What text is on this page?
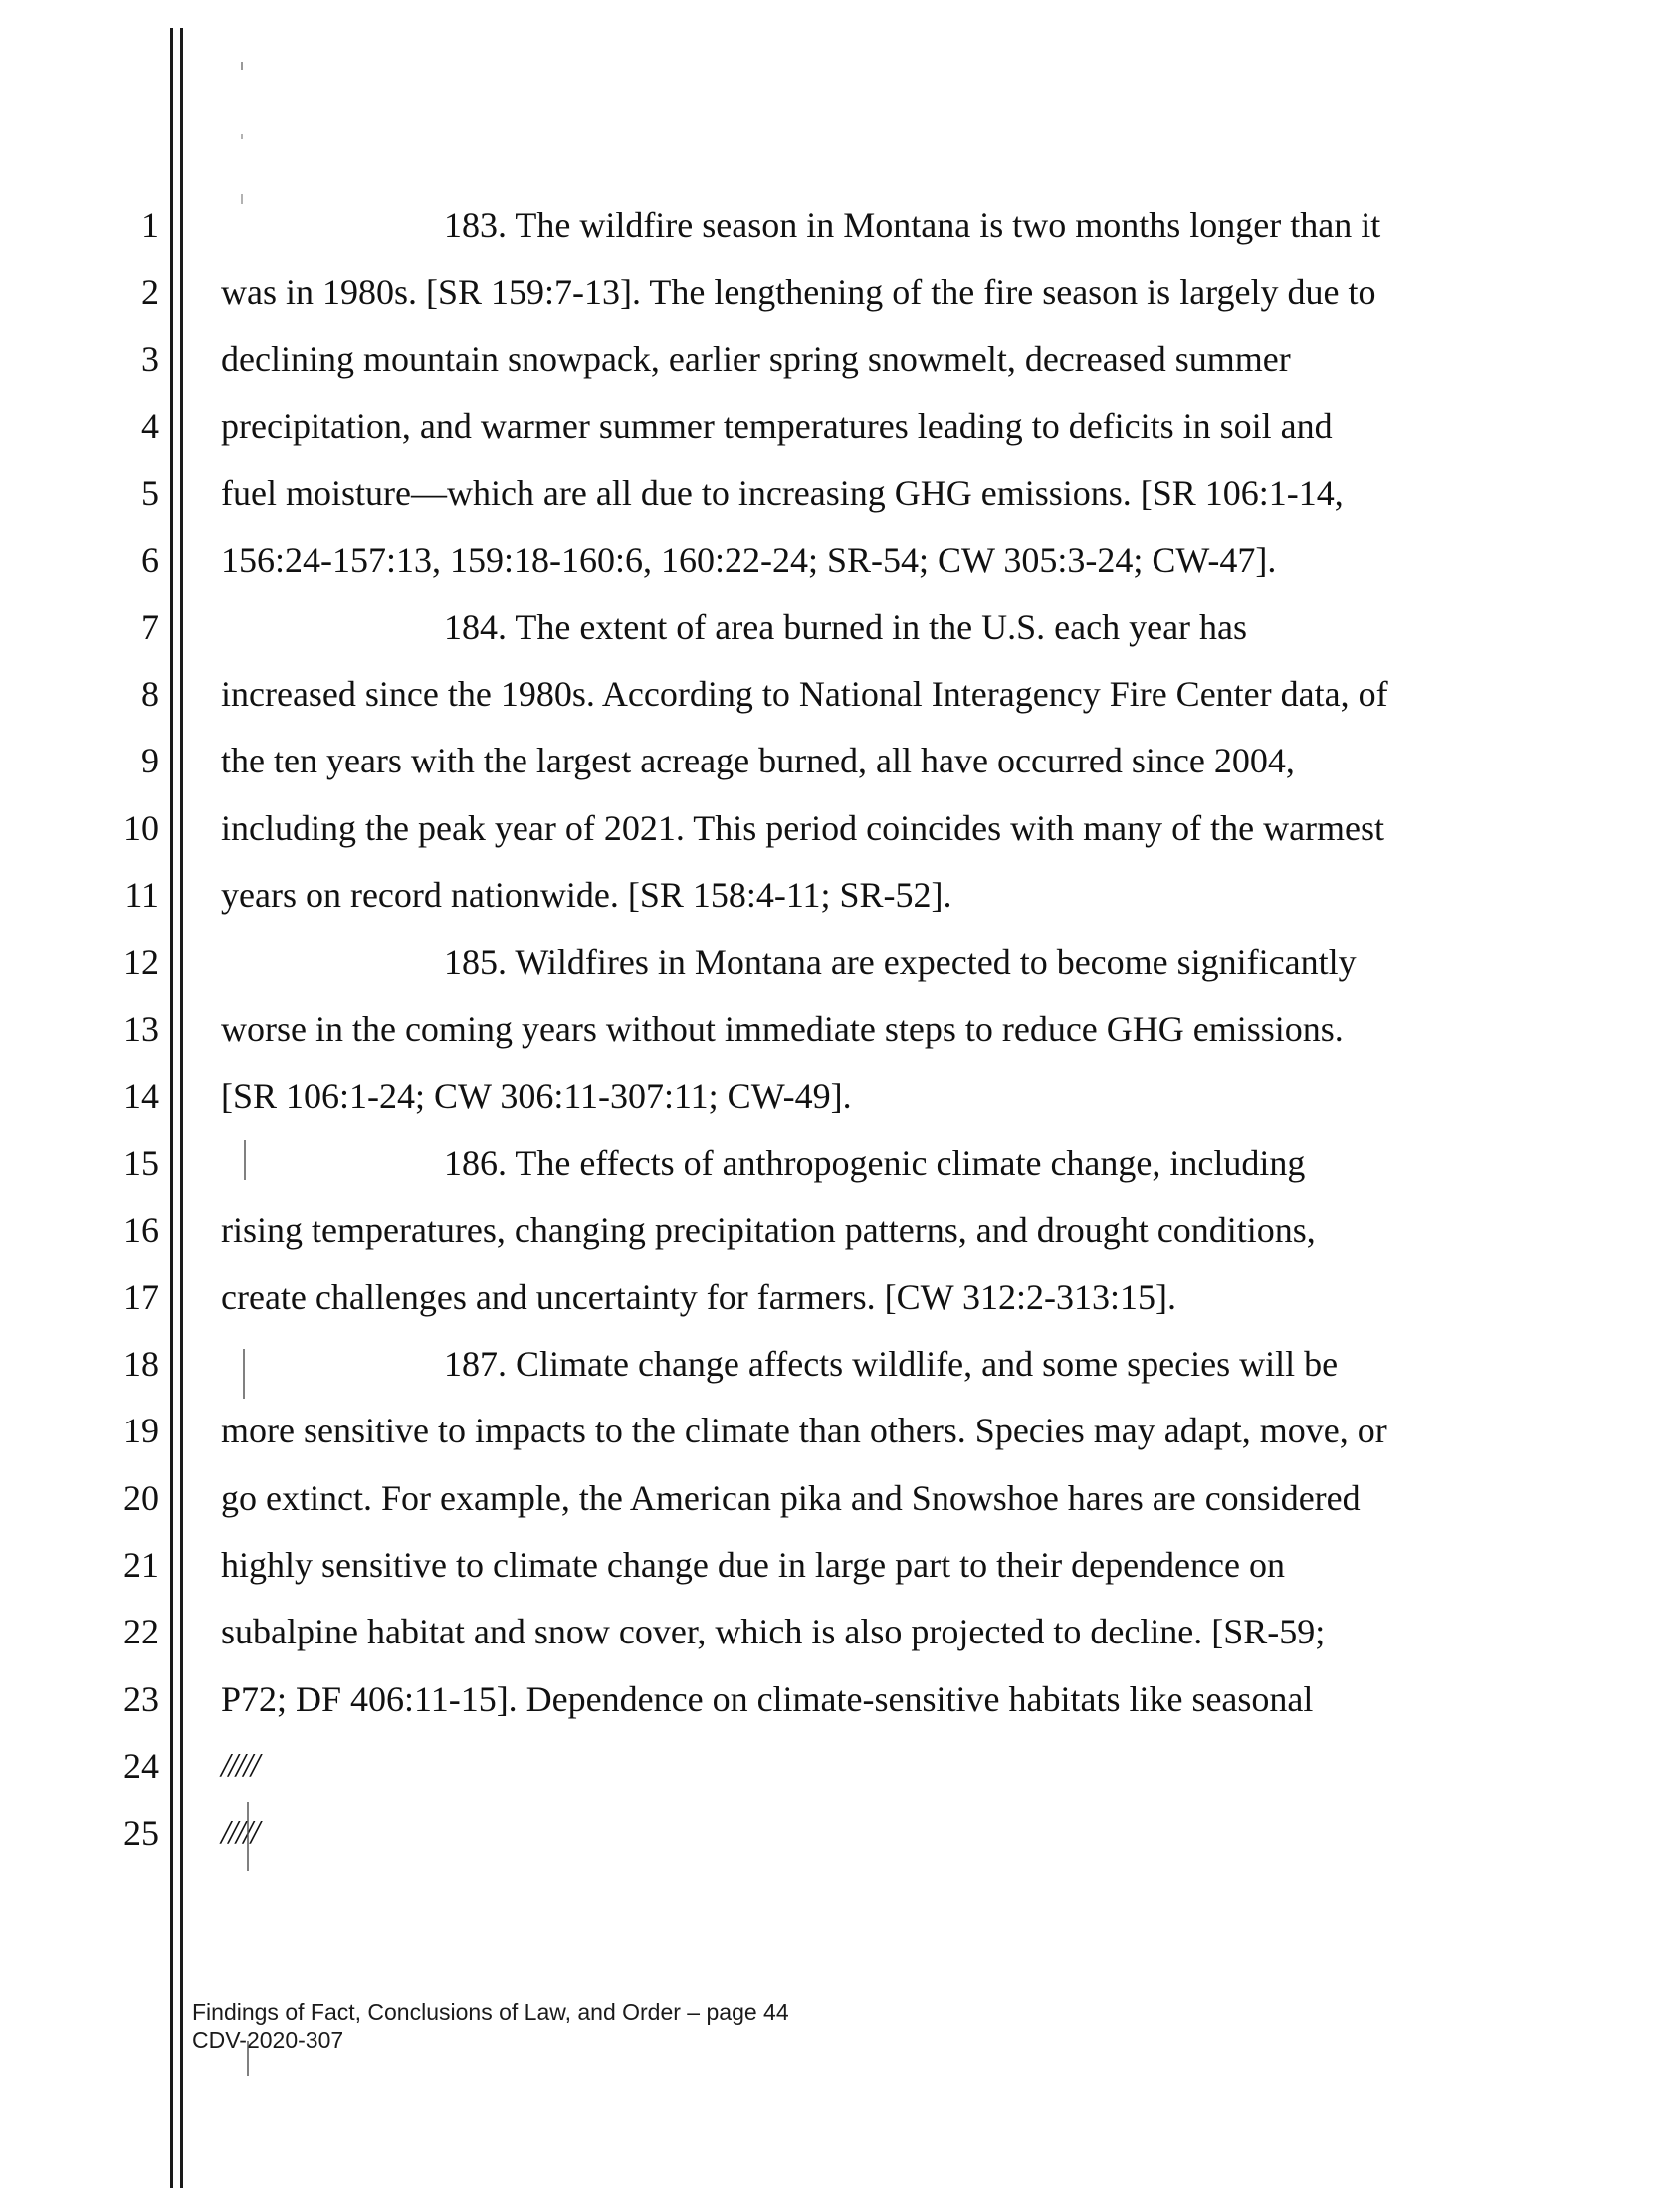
1
2
3
4
5
6
7
8
9
10
11
12
13
14
15
16
17
18
19
20
21
22
23
24
25
183. The wildfire season in Montana is two months longer than it
was in 1980s. [SR 159:7-13]. The lengthening of the fire season is largely due to
declining mountain snowpack, earlier spring snowmelt, decreased summer
precipitation, and warmer summer temperatures leading to deficits in soil and
fuel moisture—which are all due to increasing GHG emissions. [SR 106:1-14,
156:24-157:13, 159:18-160:6, 160:22-24; SR-54; CW 305:3-24; CW-47].
184. The extent of area burned in the U.S. each year has
increased since the 1980s. According to National Interagency Fire Center data, of
the ten years with the largest acreage burned, all have occurred since 2004,
including the peak year of 2021. This period coincides with many of the warmest
years on record nationwide. [SR 158:4-11; SR-52].
185. Wildfires in Montana are expected to become significantly
worse in the coming years without immediate steps to reduce GHG emissions.
[SR 106:1-24; CW 306:11-307:11; CW-49].
186. The effects of anthropogenic climate change, including
rising temperatures, changing precipitation patterns, and drought conditions,
create challenges and uncertainty for farmers. [CW 312:2-313:15].
187. Climate change affects wildlife, and some species will be
more sensitive to impacts to the climate than others. Species may adapt, move, or
go extinct. For example, the American pika and Snowshoe hares are considered
highly sensitive to climate change due in large part to their dependence on
subalpine habitat and snow cover, which is also projected to decline. [SR-59;
P72; DF 406:11-15]. Dependence on climate-sensitive habitats like seasonal
/////
/////
Findings of Fact, Conclusions of Law, and Order – page 44
CDV-2020-307
